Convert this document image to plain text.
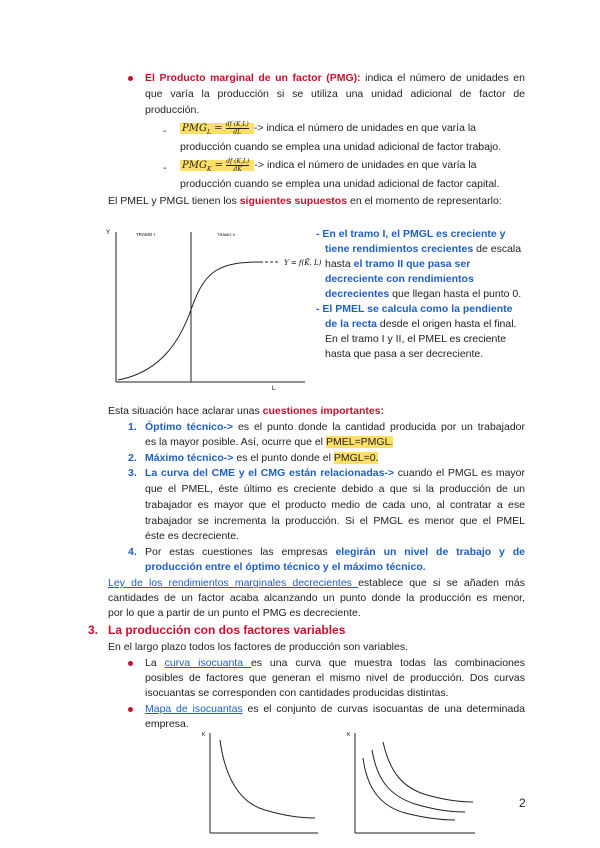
El Producto marginal de un factor (PMG): indica el número de unidades en
que varía la producción si se utiliza una unidad adicional de factor de
producción.
- $PMG_L = \frac{df (K,L)}{dL}$ -> indica el número de unidades en que varía la
producción cuando se emplea una unidad adicional de factor trabajo.
- $PMG_K = \frac{df (K,L)}{dK}$ -> indica el número de unidades en que varía la
producción cuando se emplea una unidad adicional de factor capital.
El PMEL y PMGL tienen los siguientes supuestos en el momento de representarlo:
Y
L
TRAMO I	TRAMO II
Y = f(K̄, L)
- En el tramo I, el PMGL es creciente y
tiene rendimientos crecientes de escala
hasta el tramo II que pasa ser
decreciente con rendimientos
decrecientes que llegan hasta el punto 0.
- El PMEL se calcula como la pendiente
de la recta desde el origen hasta el final.
En el tramo I y II, el PMEL es creciente
hasta que pasa a ser decreciente.
Esta situación hace aclarar unas cuestiones importantes:
1. Óptimo técnico-> es el punto donde la cantidad producida por un trabajador
es la mayor posible. Así, ocurre que el PMEL=PMGL.
2. Máximo técnico-> es el punto donde el PMGL=0.
3. La curva del CME y el CMG están relacionadas-> cuando el PMGL es mayor
que el PMEL, éste último es creciente debido a que si la producción de un
trabajador es mayor que el producto medio de cada uno, al contratar a ese
trabajador se incrementa la producción. Si el PMGL es menor que el PMEL
éste es decreciente.
4. Por estas cuestiones las empresas elegirán un nivel de trabajo y de
producción entre el óptimo técnico y el máximo técnico.
Ley de los rendimientos marginales decrecientes establece que si se añaden más
cantidades de un factor acaba alcanzando un punto donde la producción es menor,
por lo que a partir de un punto el PMG es decreciente.
3. La producción con dos factores variables
En el largo plazo todos los factores de producción son variables.
La curva isocuanta es una curva que muestra todas las combinaciones
posibles de factores que generan el mismo nivel de producción. Dos curvas
isocuantas se corresponden con cantidades producidas distintas.
Mapa de isocuantas es el conjunto de curvas isocuantas de una determinada
empresa.
K	K
2
